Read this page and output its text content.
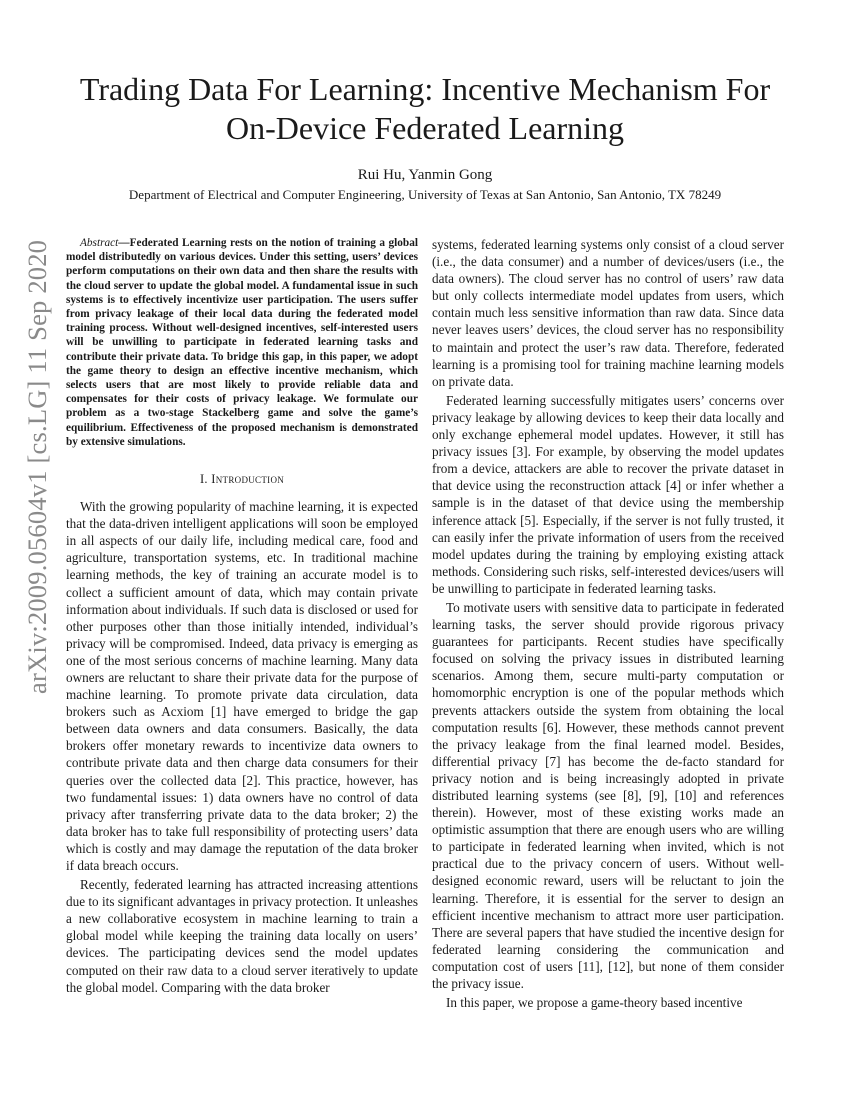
Trading Data For Learning: Incentive Mechanism For On-Device Federated Learning
Rui Hu, Yanmin Gong
Department of Electrical and Computer Engineering, University of Texas at San Antonio, San Antonio, TX 78249
arXiv:2009.05604v1 [cs.LG] 11 Sep 2020	Abstract—Federated Learning rests on the notion of training a global model distributedly on various devices. Under this setting, users’ devices perform computations on their own data and then share the results with the cloud server to update the global model. A fundamental issue in such systems is to effectively incentivize user participation. The users suffer from privacy leakage of their local data during the federated model training process. Without well-designed incentives, self-interested users will be unwilling to participate in federated learning tasks and contribute their private data. To bridge this gap, in this paper, we adopt the game theory to design an effective incentive mechanism, which selects users that are most likely to provide reliable data and compensates for their costs of privacy leakage. We formulate our problem as a two-stage Stackelberg game and solve the game’s equilibrium. Effectiveness of the proposed mechanism is demonstrated by extensive simulations.

I. Introduction

With the growing popularity of machine learning, it is expected that the data-driven intelligent applications will soon be employed in all aspects of our daily life, including medical care, food and agriculture, transportation systems, etc. In traditional machine learning methods, the key of training an accurate model is to collect a sufficient amount of data, which may contain private information about individuals. If such data is disclosed or used for other purposes other than those initially intended, individual’s privacy will be compromised. Indeed, data privacy is emerging as one of the most serious concerns of machine learning. Many data owners are reluctant to share their private data for the purpose of machine learning. To promote private data circulation, data brokers such as Acxiom [1] have emerged to bridge the gap between data owners and data consumers. Basically, the data brokers offer monetary rewards to incentivize data owners to contribute private data and then charge data consumers for their queries over the collected data [2]. This practice, however, has two fundamental issues: 1) data owners have no control of data privacy after transferring private data to the data broker; 2) the data broker has to take full responsibility of protecting users’ data which is costly and may damage the reputation of the data broker if data breach occurs.

Recently, federated learning has attracted increasing attentions due to its significant advantages in privacy protection. It unleashes a new collaborative ecosystem in machine learning to train a global model while keeping the training data locally on users’ devices. The participating devices send the model updates computed on their raw data to a cloud server iteratively to update the global model. Comparing with the data broker

systems, federated learning systems only consist of a cloud server (i.e., the data consumer) and a number of devices/users (i.e., the data owners). The cloud server has no control of users’ raw data but only collects intermediate model updates from users, which contain much less sensitive information than raw data. Since data never leaves users’ devices, the cloud server has no responsibility to maintain and protect the user’s raw data. Therefore, federated learning is a promising tool for training machine learning models on private data.

Federated learning successfully mitigates users’ concerns over privacy leakage by allowing devices to keep their data locally and only exchange ephemeral model updates. However, it still has privacy issues [3]. For example, by observing the model updates from a device, attackers are able to recover the private dataset in that device using the reconstruction attack [4] or infer whether a sample is in the dataset of that device using the membership inference attack [5]. Especially, if the server is not fully trusted, it can easily infer the private information of users from the received model updates during the training by employing existing attack methods. Considering such risks, self-interested devices/users will be unwilling to participate in federated learning tasks.

To motivate users with sensitive data to participate in federated learning tasks, the server should provide rigorous privacy guarantees for participants. Recent studies have specifically focused on solving the privacy issues in distributed learning scenarios. Among them, secure multi-party computation or homomorphic encryption is one of the popular methods which prevents attackers outside the system from obtaining the local computation results [6]. However, these methods cannot prevent the privacy leakage from the final learned model. Besides, differential privacy [7] has become the de-facto standard for privacy notion and is being increasingly adopted in private distributed learning systems (see [8], [9], [10] and references therein). However, most of these existing works made an optimistic assumption that there are enough users who are willing to participate in federated learning when invited, which is not practical due to the privacy concern of users. Without well-designed economic reward, users will be reluctant to join the learning. Therefore, it is essential for the server to design an efficient incentive mechanism to attract more user participation. There are several papers that have studied the incentive design for federated learning considering the communication and computation cost of users [11], [12], but none of them consider the privacy issue.

In this paper, we propose a game-theory based incentive
